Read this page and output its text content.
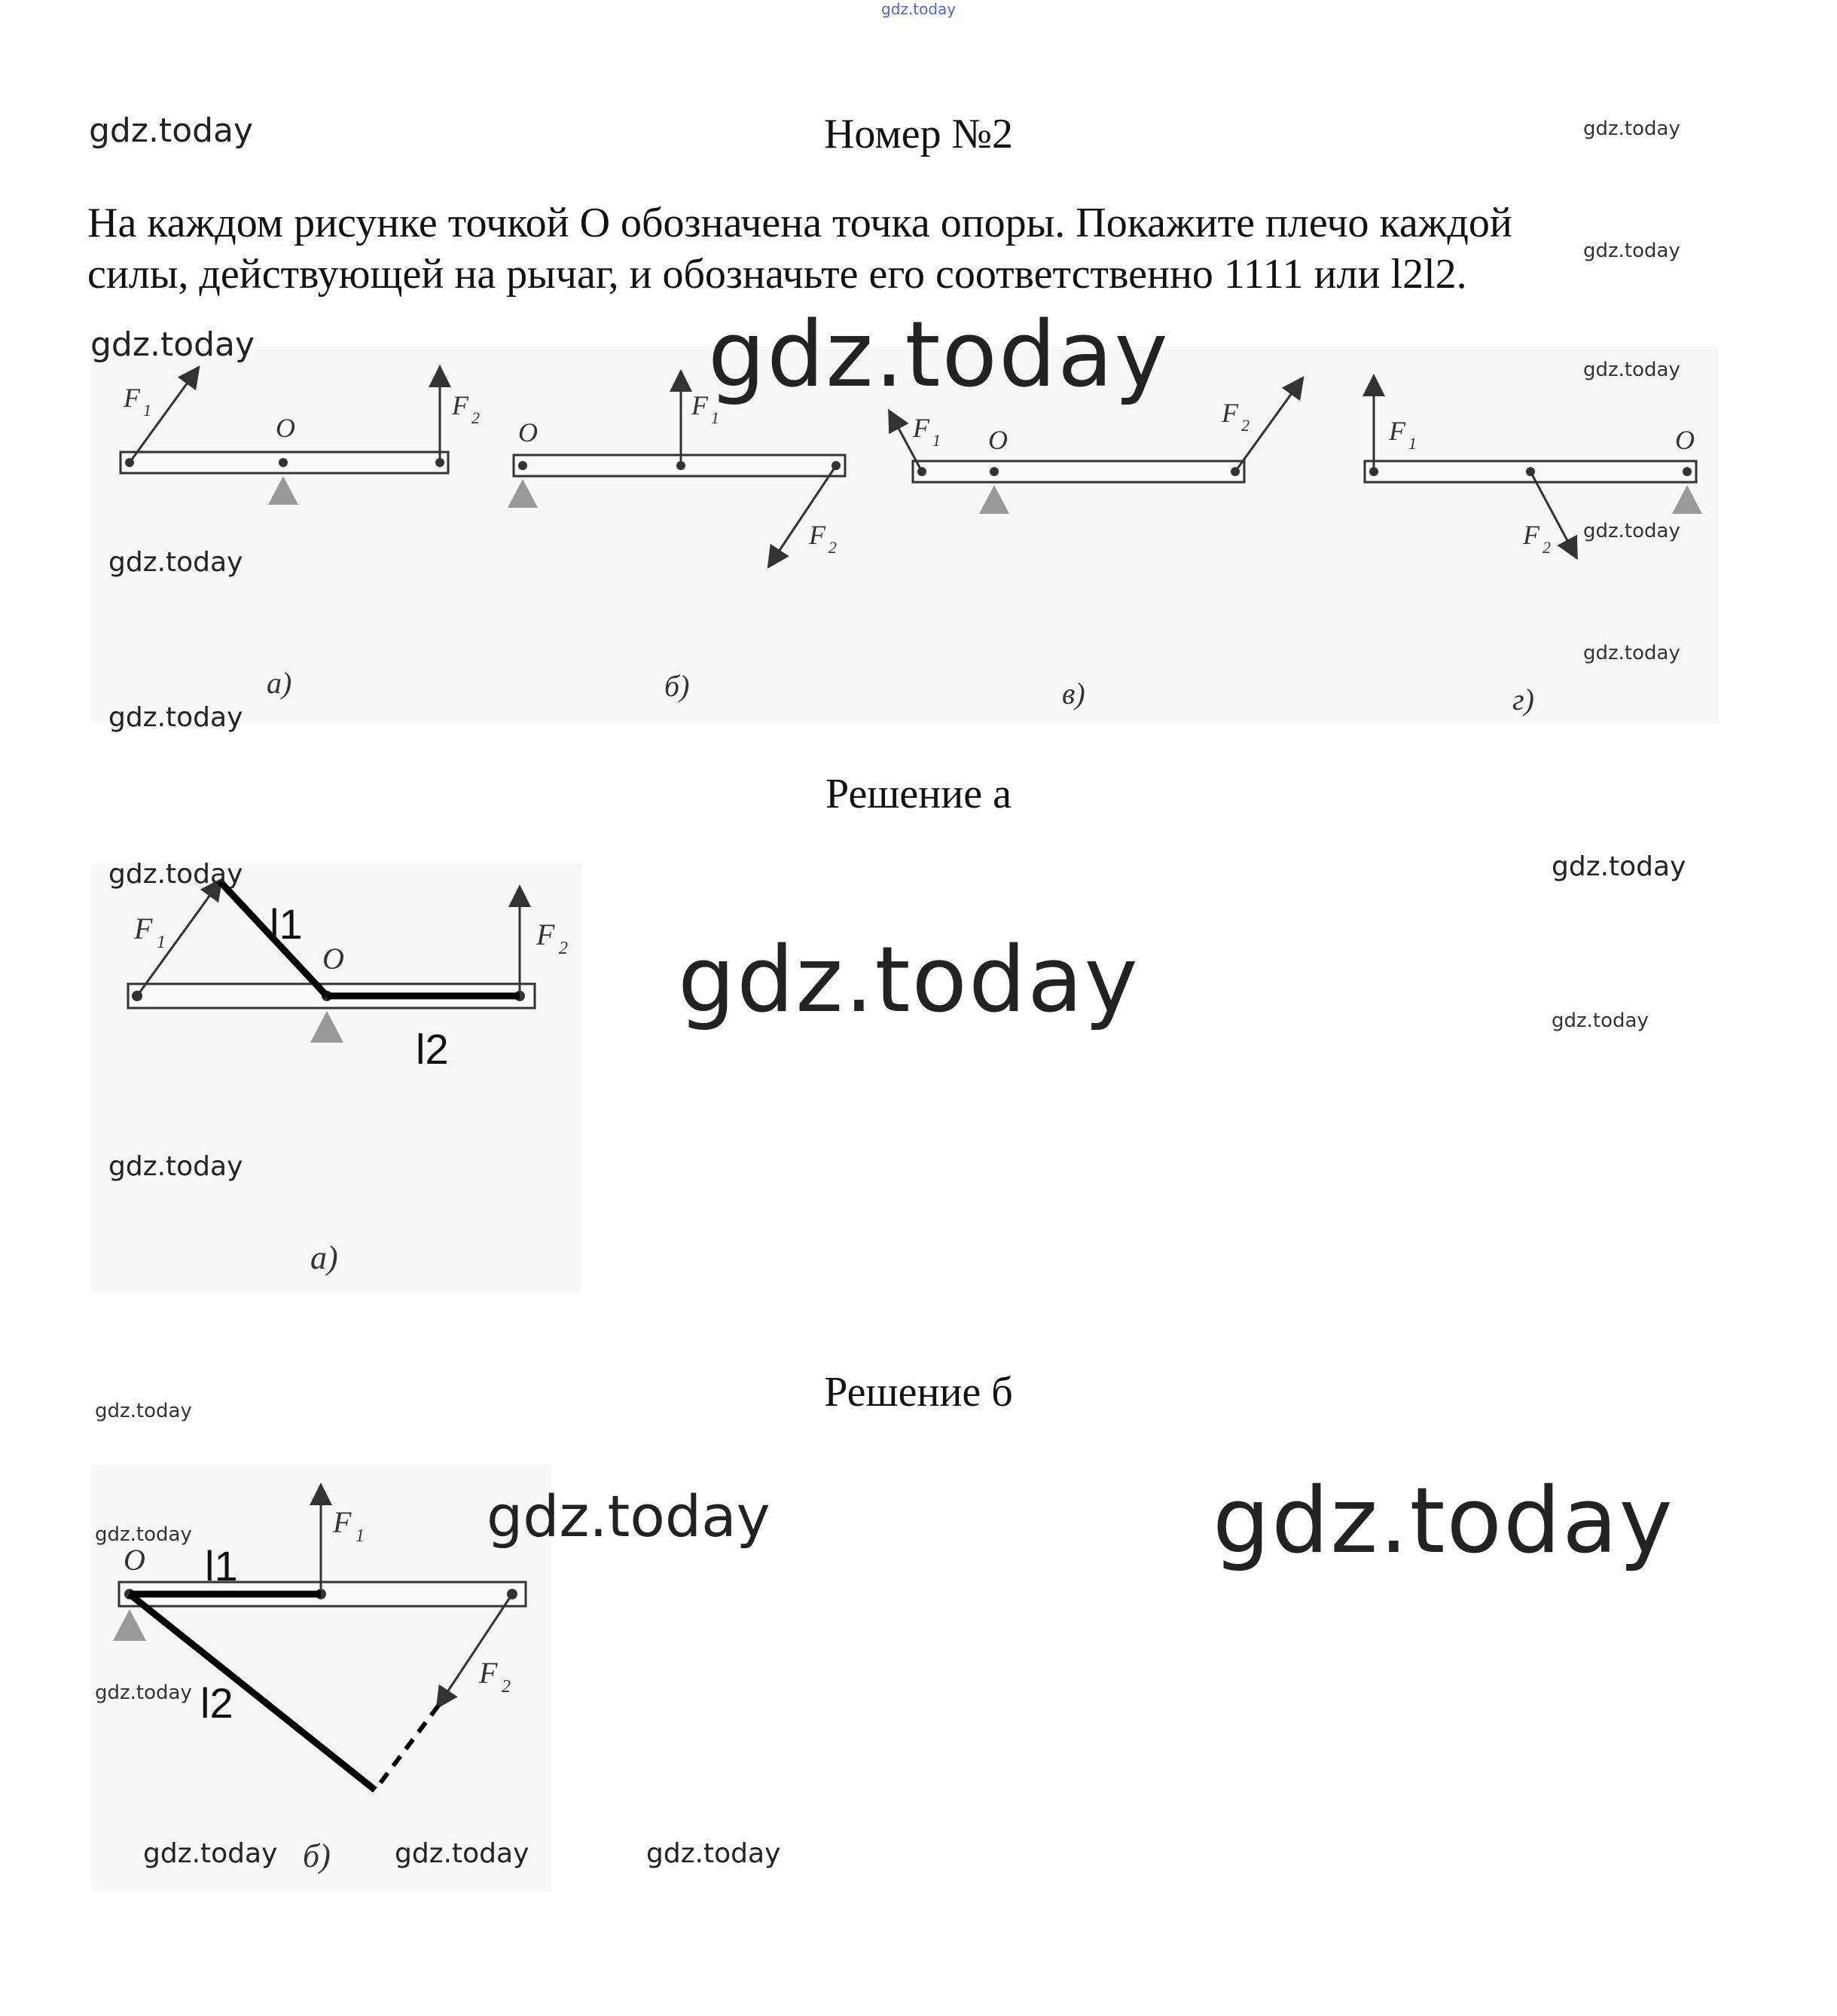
gdz.today
gdz.today	Номер №2	gdz.today
На каждом рисунке точкой О обозначена точка опоры. Покажите плечо каждой силы, действующей на рычаг, и обозначьте его соответственно 1111 или l2l2.	gdz.today
O
F 1	F 2
а)
O
F 1
F 2
б)
O
F 1
F 2
в)
O
F 1
F 2
г)
gdz.today	gdz.today	gdz.today
gdz.today
gdz.today
gdz.today
gdz.today
Решение а
O
F 1	F 2
l1
l2
а)
gdz.today
gdz.today
gdz.today
gdz.today
gdz.today
Решение б
gdz.today
O
F 1
F 2
l1
l2
б)
gdz.today
gdz.today
gdz.today	gdz.today
gdz.today	gdz.today	gdz.today
